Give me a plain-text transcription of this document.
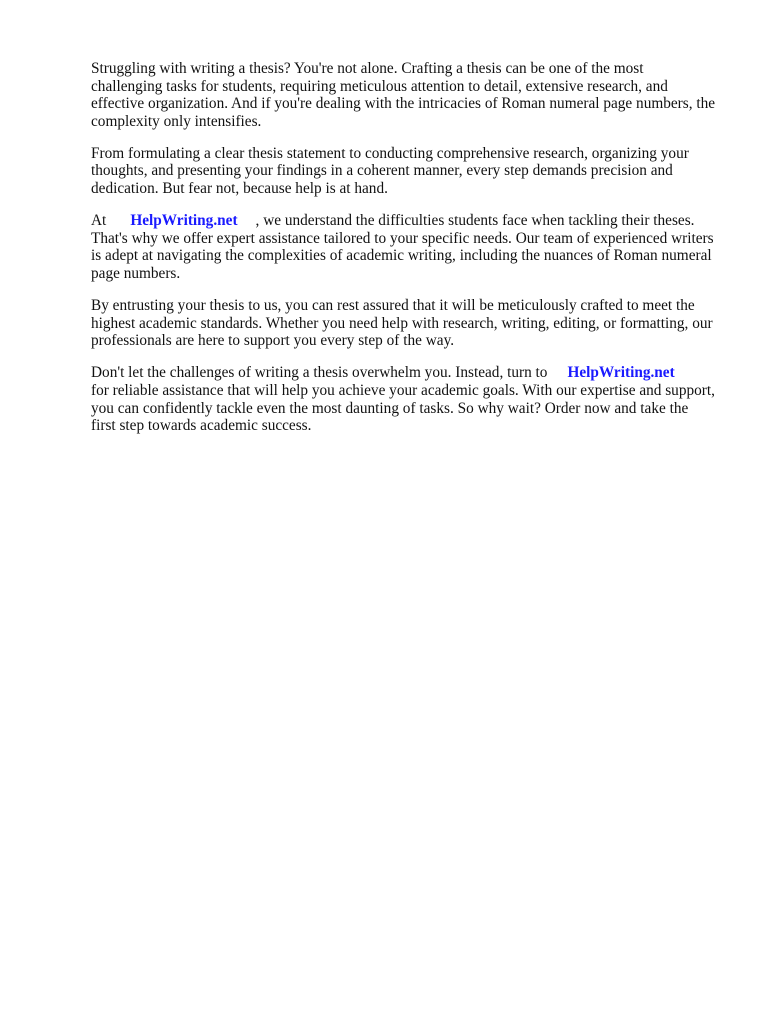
Struggling with writing a thesis? You're not alone. Crafting a thesis can be one of the most challenging tasks for students, requiring meticulous attention to detail, extensive research, and effective organization. And if you're dealing with the intricacies of Roman numeral page numbers, the complexity only intensifies.

From formulating a clear thesis statement to conducting comprehensive research, organizing your thoughts, and presenting your findings in a coherent manner, every step demands precision and dedication. But fear not, because help is at hand.

At HelpWriting.net , we understand the difficulties students face when tackling their theses. That's why we offer expert assistance tailored to your specific needs. Our team of experienced writers is adept at navigating the complexities of academic writing, including the nuances of Roman numeral page numbers.

By entrusting your thesis to us, you can rest assured that it will be meticulously crafted to meet the highest academic standards. Whether you need help with research, writing, editing, or formatting, our professionals are here to support you every step of the way.

Don't let the challenges of writing a thesis overwhelm you. Instead, turn to HelpWriting.net
for reliable assistance that will help you achieve your academic goals. With our expertise and support, you can confidently tackle even the most daunting of tasks. So why wait? Order now and take the first step towards academic success.
